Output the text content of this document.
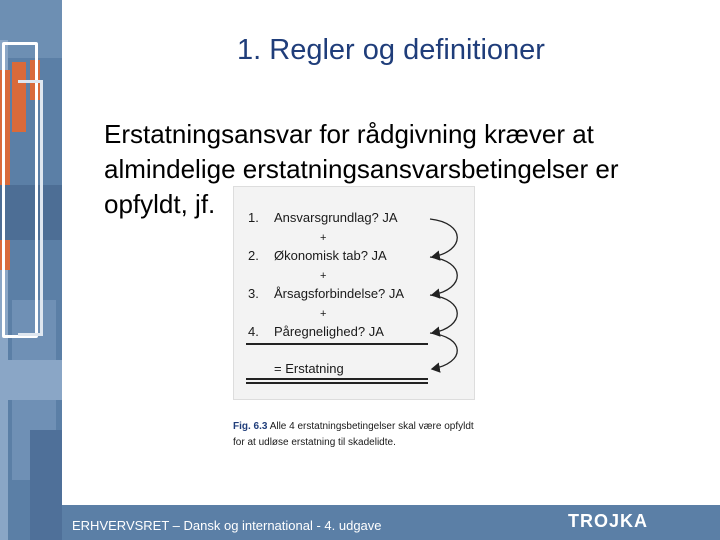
1. Regler og definitioner
Erstatningsansvar for rådgivning kræver at almindelige erstatningsansvarsbetingelser er opfyldt, jf.	1. Ansvarsgrundlag? JA
+
2. Økonomisk tab? JA
+
3. Årsagsforbindelse? JA
+
4. Påregnelighed? JA
= Erstatning
Fig. 6.3 Alle 4 erstatningsbetingelser skal være opfyldt for at udløse erstatning til skadelidte.
ERHVERVSRET – Dansk og international - 4. udgave	TROJKA
